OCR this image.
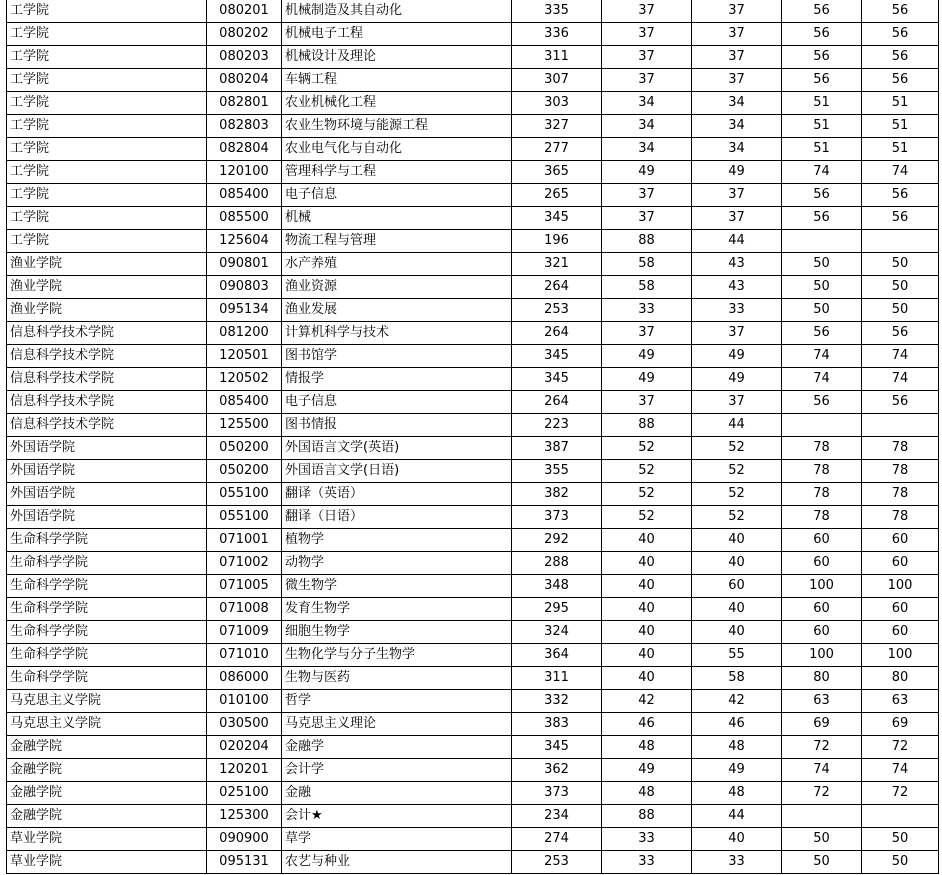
工学院	080201	机械制造及其自动化	335	37	37	56	56
工学院	080202	机械电子工程	336	37	37	56	56
工学院	080203	机械设计及理论	311	37	37	56	56
工学院	080204	车辆工程	307	37	37	56	56
工学院	082801	农业机械化工程	303	34	34	51	51
工学院	082803	农业生物环境与能源工程	327	34	34	51	51
工学院	082804	农业电气化与自动化	277	34	34	51	51
工学院	120100	管理科学与工程	365	49	49	74	74
工学院	085400	电子信息	265	37	37	56	56
工学院	085500	机械	345	37	37	56	56
工学院	125604	物流工程与管理	196	88	44		
渔业学院	090801	水产养殖	321	58	43	50	50
渔业学院	090803	渔业资源	264	58	43	50	50
渔业学院	095134	渔业发展	253	33	33	50	50
信息科学技术学院	081200	计算机科学与技术	264	37	37	56	56
信息科学技术学院	120501	图书馆学	345	49	49	74	74
信息科学技术学院	120502	情报学	345	49	49	74	74
信息科学技术学院	085400	电子信息	264	37	37	56	56
信息科学技术学院	125500	图书情报	223	88	44		
外国语学院	050200	外国语言文学(英语)	387	52	52	78	78
外国语学院	050200	外国语言文学(日语)	355	52	52	78	78
外国语学院	055100	翻译（英语）	382	52	52	78	78
外国语学院	055100	翻译（日语）	373	52	52	78	78
生命科学学院	071001	植物学	292	40	40	60	60
生命科学学院	071002	动物学	288	40	40	60	60
生命科学学院	071005	微生物学	348	40	60	100	100
生命科学学院	071008	发育生物学	295	40	40	60	60
生命科学学院	071009	细胞生物学	324	40	40	60	60
生命科学学院	071010	生物化学与分子生物学	364	40	55	100	100
生命科学学院	086000	生物与医药	311	40	58	80	80
马克思主义学院	010100	哲学	332	42	42	63	63
马克思主义学院	030500	马克思主义理论	383	46	46	69	69
金融学院	020204	金融学	345	48	48	72	72
金融学院	120201	会计学	362	49	49	74	74
金融学院	025100	金融	373	48	48	72	72
金融学院	125300	会计★	234	88	44		
草业学院	090900	草学	274	33	40	50	50
草业学院	095131	农艺与种业	253	33	33	50	50
